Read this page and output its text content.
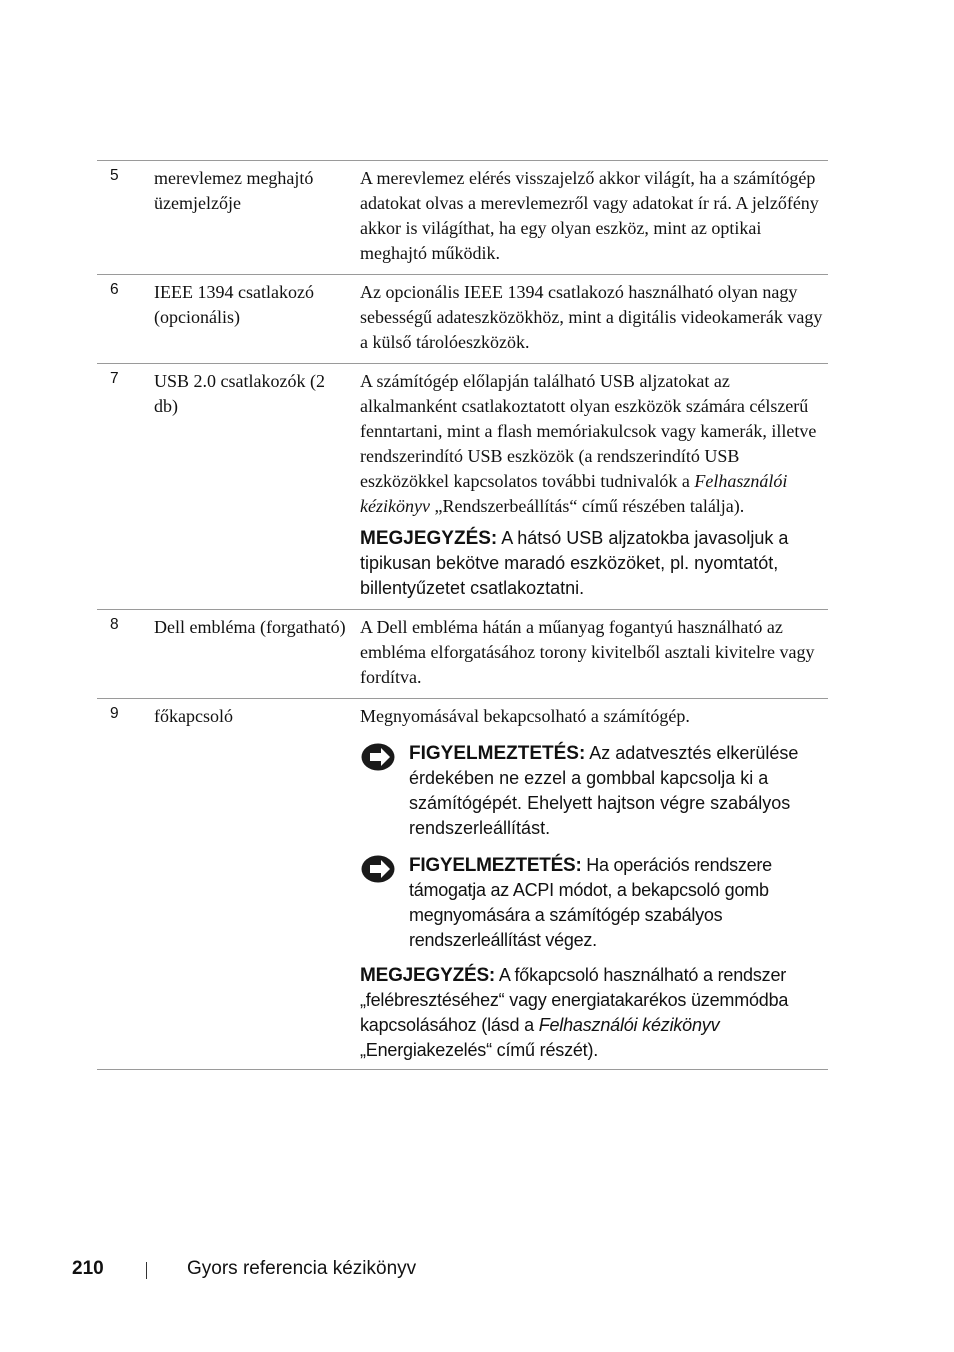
5 merevlemez meghajtó üzemjelzője
A merevlemez elérés visszajelző akkor világít, ha a számítógép adatokat olvas a merevlemezről vagy adatokat ír rá. A jelzőfény akkor is világíthat, ha egy olyan eszköz, mint az optikai meghajtó működik.
6 IEEE 1394 csatlakozó (opcionális)
Az opcionális IEEE 1394 csatlakozó használható olyan nagy sebességű adateszközökhöz, mint a digitális videokamerák vagy a külső tárolóeszközök.
7 USB 2.0 csatlakozók (2 db)
A számítógép előlapján található USB aljzatokat az alkalmanként csatlakoztatott olyan eszközök számára célszerű fenntartani, mint a flash memóriakulcsok vagy kamerák, illetve rendszerindító USB eszközök (a rendszerindító USB eszközökkel kapcsolatos további tudnivalók a Felhasználói kézikönyv „Rendszerbeállítás“ című részében találja).
MEGJEGYZÉS: A hátsó USB aljzatokba javasoljuk a tipikusan bekötve maradó eszközöket, pl. nyomtatót, billentyűzetet csatlakoztatni.
8 Dell embléma (forgatható) A Dell embléma hátán a műanyag fogantyú használható az embléma elforgatásához torony kivitelből asztali kivitelre vagy fordítva.
9 főkapcsoló	Megnyomásával bekapcsolható a számítógép.
FIGYELMEZTETÉS: Az adatvesztés elkerülése érdekében ne ezzel a gombbal kapcsolja ki a számítógépét. Ehelyett hajtson végre szabályos rendszerleállítást.
FIGYELMEZTETÉS: Ha operációs rendszere támogatja az ACPI módot, a bekapcsoló gomb megnyomására a számítógép szabályos rendszerleállítást végez.
MEGJEGYZÉS: A főkapcsoló használható a rendszer „felébresztéséhez“ vagy energiatakarékos üzemmódba kapcsolásához (lásd a Felhasználói kézikönyv „Energiakezelés“ című részét).
210	Gyors referencia kézikönyv
